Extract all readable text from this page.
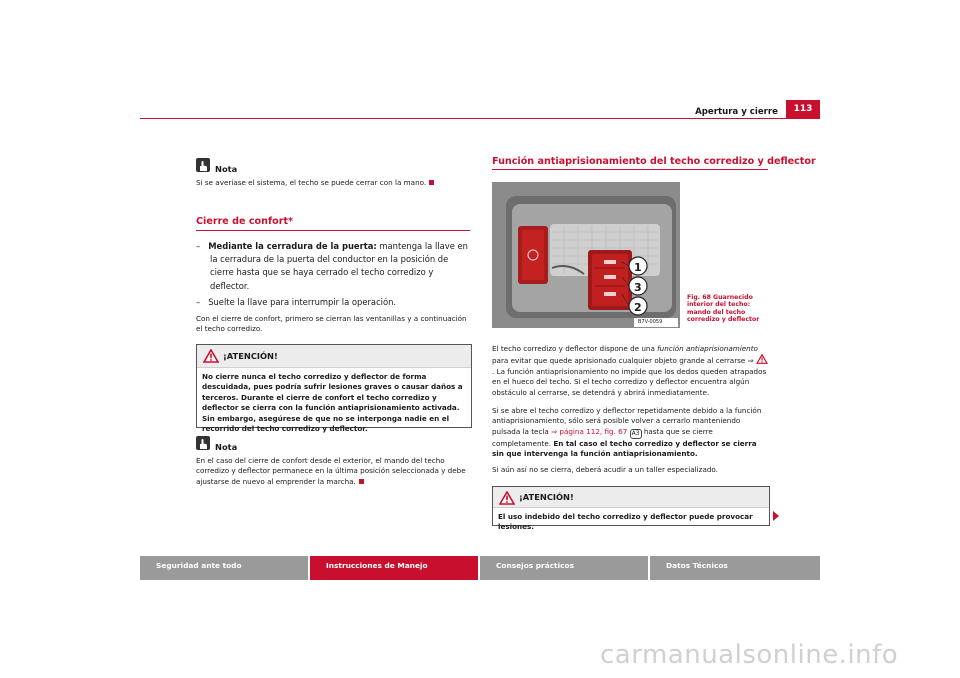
Apertura y cierre	113
Nota

Si se averiase el sistema, el techo se puede cerrar con la mano.

Cierre de confort*

– Mediante la cerradura de la puerta: mantenga la llave en la cerradura de la puerta del conductor en la posición de cierre hasta que se haya cerrado el techo corredizo y deflector.

– Suelte la llave para interrumpir la operación.

Con el cierre de confort, primero se cierran las ventanillas y a continuación el techo corredizo.

¡ATENCIÓN!
No cierre nunca el techo corredizo y deflector de forma descuidada, pues podría sufrir lesiones graves o causar daños a terceros. Durante el cierre de confort el techo corredizo y deflector se cierra con la función antiaprisionamiento activada. Sin embargo, asegúrese de que no se interponga nadie en el recorrido del techo corredizo y deflector.
Nota

En el caso del cierre de confort desde el exterior, el mando del techo corredizo y deflector permanece en la última posición seleccionada y debe ajustarse de nuevo al emprender la marcha.

Función antiaprisionamiento del techo corredizo y deflector
1
3
2
B7V-0059
Fig. 68 Guarnecido interior del techo: mando del techo corredizo y deflector

El techo corredizo y deflector dispone de una función antiaprisionamiento para evitar que quede aprisionado cualquier objeto grande al cerrarse ⇒ . La función antiaprisionamiento no impide que los dedos queden atrapados en el hueco del techo. Si el techo corredizo y deflector encuentra algún obstáculo al cerrarse, se detendrá y abrirá inmediatamente.

Si se abre el techo corredizo y deflector repetidamente debido a la función antiaprisionamiento, sólo será posible volver a cerrarlo manteniendo pulsada la tecla ⇒ página 112, fig. 67 A3 hasta que se cierre completamente. En tal caso el techo corredizo y deflector se cierra sin que intervenga la función antiaprisionamiento.

Si aún así no se cierra, deberá acudir a un taller especializado.

¡ATENCIÓN!
El uso indebido del techo corredizo y deflector puede provocar lesiones.
Seguridad ante todo	Instrucciones de Manejo	Consejos prácticos	Datos Técnicos
carmanualsonline.info
